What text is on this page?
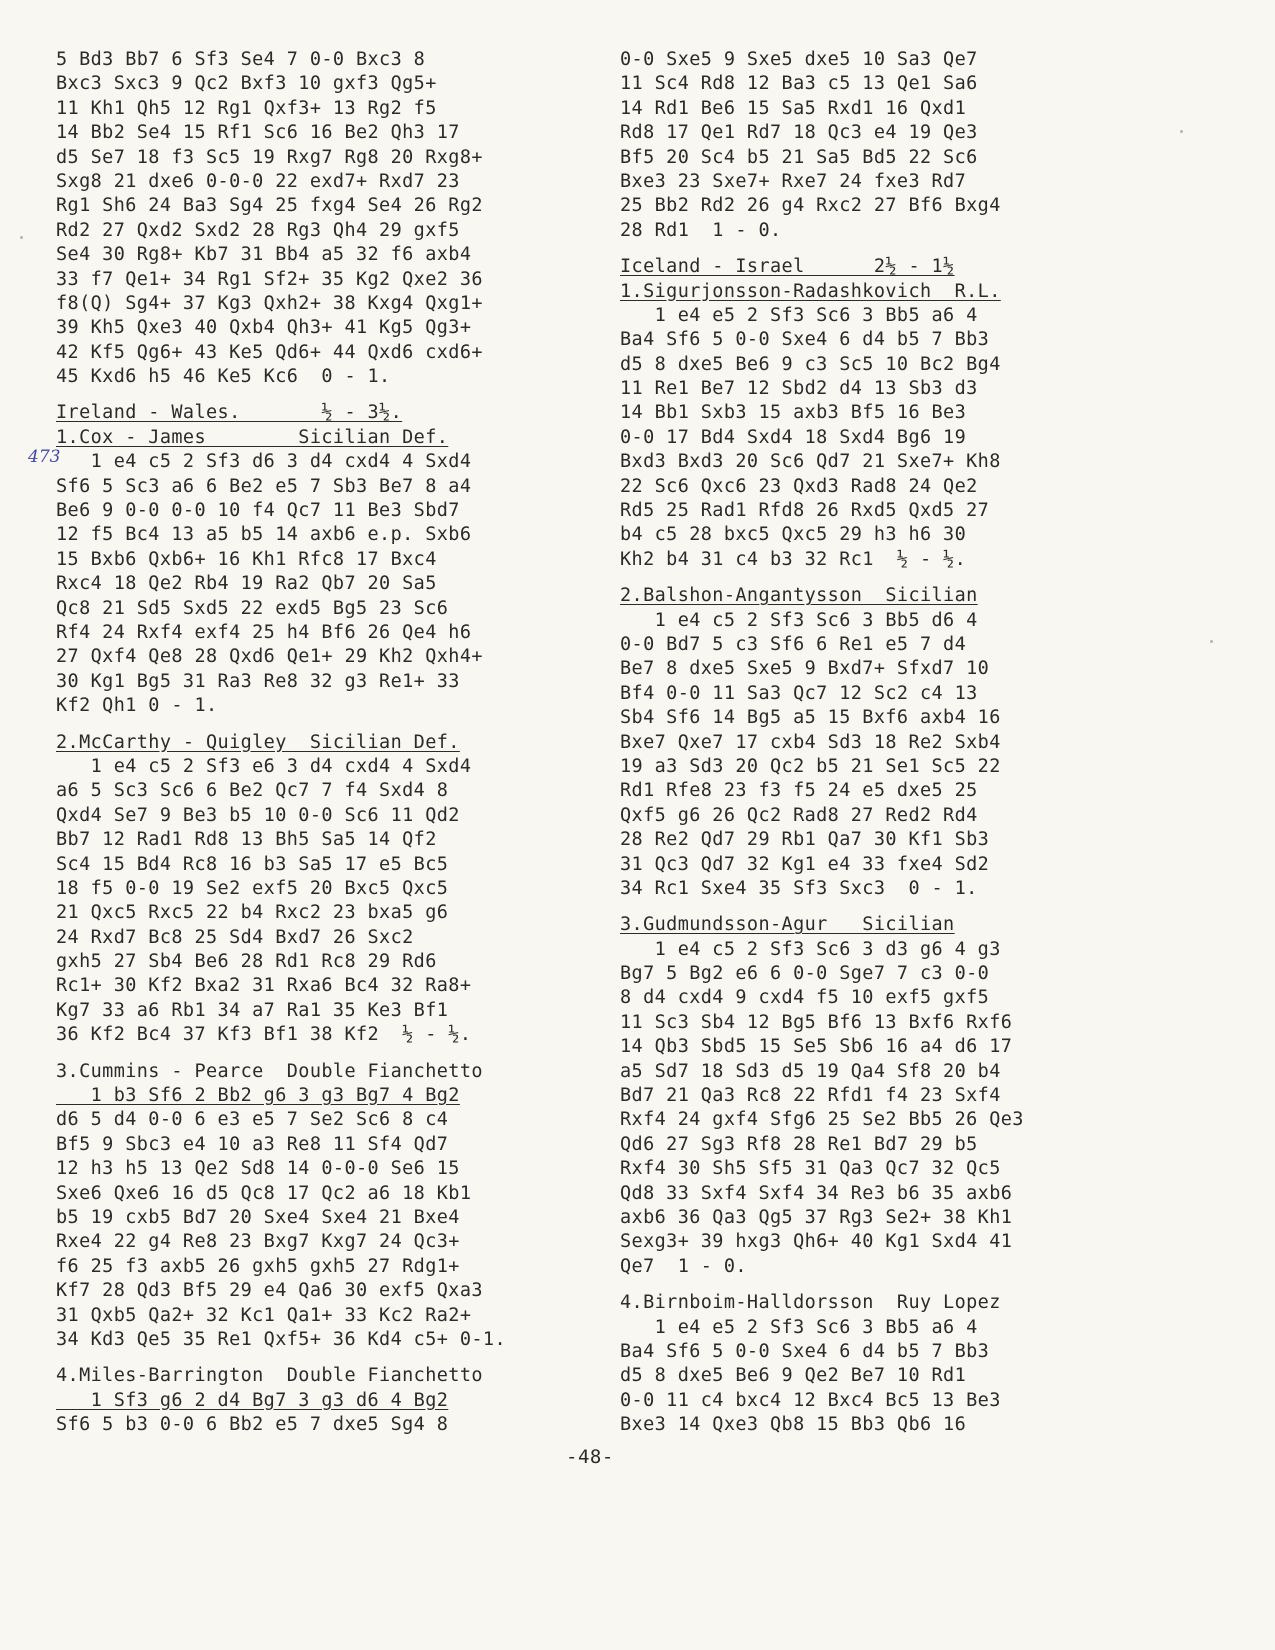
5 Bd3 Bb7 6 Sf3 Se4 7 0-0 Bxc3 8
Bxc3 Sxc3 9 Qc2 Bxf3 10 gxf3 Qg5+
11 Kh1 Qh5 12 Rg1 Qxf3+ 13 Rg2 f5
14 Bb2 Se4 15 Rf1 Sc6 16 Be2 Qh3 17
d5 Se7 18 f3 Sc5 19 Rxg7 Rg8 20 Rxg8+
Sxg8 21 dxe6 0-0-0 22 exd7+ Rxd7 23
Rg1 Sh6 24 Ba3 Sg4 25 fxg4 Se4 26 Rg2
Rd2 27 Qxd2 Sxd2 28 Rg3 Qh4 29 gxf5
Se4 30 Rg8+ Kb7 31 Bb4 a5 32 f6 axb4
33 f7 Qe1+ 34 Rg1 Sf2+ 35 Kg2 Qxe2 36
f8(Q) Sg4+ 37 Kg3 Qxh2+ 38 Kxg4 Qxg1+
39 Kh5 Qxe3 40 Qxb4 Qh3+ 41 Kg5 Qg3+
42 Kf5 Qg6+ 43 Ke5 Qd6+ 44 Qxd6 cxd6+
45 Kxd6 h5 46 Ke5 Kc6  0 - 1.
Ireland - Wales.       ½ - 3½.
1.Cox - James        Sicilian Def.
1 e4 c5 2 Sf3 d6 3 d4 cxd4 4 Sxd4
Sf6 5 Sc3 a6 6 Be2 e5 7 Sb3 Be7 8 a4
Be6 9 0-0 0-0 10 f4 Qc7 11 Be3 Sbd7
12 f5 Bc4 13 a5 b5 14 axb6 e.p. Sxb6
15 Bxb6 Qxb6+ 16 Kh1 Rfc8 17 Bxc4
Rxc4 18 Qe2 Rb4 19 Ra2 Qb7 20 Sa5
Qc8 21 Sd5 Sxd5 22 exd5 Bg5 23 Sc6
Rf4 24 Rxf4 exf4 25 h4 Bf6 26 Qe4 h6
27 Qxf4 Qe8 28 Qxd6 Qe1+ 29 Kh2 Qxh4+
30 Kg1 Bg5 31 Ra3 Re8 32 g3 Re1+ 33
Kf2 Qh1 0 - 1.
2.McCarthy - Quigley  Sicilian Def.
1 e4 c5 2 Sf3 e6 3 d4 cxd4 4 Sxd4
a6 5 Sc3 Sc6 6 Be2 Qc7 7 f4 Sxd4 8
Qxd4 Se7 9 Be3 b5 10 0-0 Sc6 11 Qd2
Bb7 12 Rad1 Rd8 13 Bh5 Sa5 14 Qf2
Sc4 15 Bd4 Rc8 16 b3 Sa5 17 e5 Bc5
18 f5 0-0 19 Se2 exf5 20 Bxc5 Qxc5
21 Qxc5 Rxc5 22 b4 Rxc2 23 bxa5 g6
24 Rxd7 Bc8 25 Sd4 Bxd7 26 Sxc2
gxh5 27 Sb4 Be6 28 Rd1 Rc8 29 Rd6
Rc1+ 30 Kf2 Bxa2 31 Rxa6 Bc4 32 Ra8+
Kg7 33 a6 Rb1 34 a7 Ra1 35 Ke3 Bf1
36 Kf2 Bc4 37 Kf3 Bf1 38 Kf2  ½ - ½.
3.Cummins - Pearce  Double Fianchetto
1 b3 Sf6 2 Bb2 g6 3 g3 Bg7 4 Bg2
d6 5 d4 0-0 6 e3 e5 7 Se2 Sc6 8 c4
Bf5 9 Sbc3 e4 10 a3 Re8 11 Sf4 Qd7
12 h3 h5 13 Qe2 Sd8 14 0-0-0 Se6 15
Sxe6 Qxe6 16 d5 Qc8 17 Qc2 a6 18 Kb1
b5 19 cxb5 Bd7 20 Sxe4 Sxe4 21 Bxe4
Rxe4 22 g4 Re8 23 Bxg7 Kxg7 24 Qc3+
f6 25 f3 axb5 26 gxh5 gxh5 27 Rdg1+
Kf7 28 Qd3 Bf5 29 e4 Qa6 30 exf5 Qxa3
31 Qxb5 Qa2+ 32 Kc1 Qa1+ 33 Kc2 Ra2+
34 Kd3 Qe5 35 Re1 Qxf5+ 36 Kd4 c5+ 0-1.
4.Miles-Barrington  Double Fianchetto
1 Sf3 g6 2 d4 Bg7 3 g3 d6 4 Bg2
Sf6 5 b3 0-0 6 Bb2 e5 7 dxe5 Sg4 8
0-0 Sxe5 9 Sxe5 dxe5 10 Sa3 Qe7
11 Sc4 Rd8 12 Ba3 c5 13 Qe1 Sa6
14 Rd1 Be6 15 Sa5 Rxd1 16 Qxd1
Rd8 17 Qe1 Rd7 18 Qc3 e4 19 Qe3
Bf5 20 Sc4 b5 21 Sa5 Bd5 22 Sc6
Bxe3 23 Sxe7+ Rxe7 24 fxe3 Rd7
25 Bb2 Rd2 26 g4 Rxc2 27 Bf6 Bxg4
28 Rd1  1 - 0.
Iceland - Israel      2½ - 1½
1.Sigurjonsson-Radashkovich  R.L.
1 e4 e5 2 Sf3 Sc6 3 Bb5 a6 4
Ba4 Sf6 5 0-0 Sxe4 6 d4 b5 7 Bb3
d5 8 dxe5 Be6 9 c3 Sc5 10 Bc2 Bg4
11 Re1 Be7 12 Sbd2 d4 13 Sb3 d3
14 Bb1 Sxb3 15 axb3 Bf5 16 Be3
0-0 17 Bd4 Sxd4 18 Sxd4 Bg6 19
Bxd3 Bxd3 20 Sc6 Qd7 21 Sxe7+ Kh8
22 Sc6 Qxc6 23 Qxd3 Rad8 24 Qe2
Rd5 25 Rad1 Rfd8 26 Rxd5 Qxd5 27
b4 c5 28 bxc5 Qxc5 29 h3 h6 30
Kh2 b4 31 c4 b3 32 Rc1  ½ - ½.
2.Balshon-Angantysson  Sicilian
1 e4 c5 2 Sf3 Sc6 3 Bb5 d6 4
0-0 Bd7 5 c3 Sf6 6 Re1 e5 7 d4
Be7 8 dxe5 Sxe5 9 Bxd7+ Sfxd7 10
Bf4 0-0 11 Sa3 Qc7 12 Sc2 c4 13
Sb4 Sf6 14 Bg5 a5 15 Bxf6 axb4 16
Bxe7 Qxe7 17 cxb4 Sd3 18 Re2 Sxb4
19 a3 Sd3 20 Qc2 b5 21 Se1 Sc5 22
Rd1 Rfe8 23 f3 f5 24 e5 dxe5 25
Qxf5 g6 26 Qc2 Rad8 27 Red2 Rd4
28 Re2 Qd7 29 Rb1 Qa7 30 Kf1 Sb3
31 Qc3 Qd7 32 Kg1 e4 33 fxe4 Sd2
34 Rc1 Sxe4 35 Sf3 Sxc3  0 - 1.
3.Gudmundsson-Agur   Sicilian
1 e4 c5 2 Sf3 Sc6 3 d3 g6 4 g3
Bg7 5 Bg2 e6 6 0-0 Sge7 7 c3 0-0
8 d4 cxd4 9 cxd4 f5 10 exf5 gxf5
11 Sc3 Sb4 12 Bg5 Bf6 13 Bxf6 Rxf6
14 Qb3 Sbd5 15 Se5 Sb6 16 a4 d6 17
a5 Sd7 18 Sd3 d5 19 Qa4 Sf8 20 b4
Bd7 21 Qa3 Rc8 22 Rfd1 f4 23 Sxf4
Rxf4 24 gxf4 Sfg6 25 Se2 Bb5 26 Qe3
Qd6 27 Sg3 Rf8 28 Re1 Bd7 29 b5
Rxf4 30 Sh5 Sf5 31 Qa3 Qc7 32 Qc5
Qd8 33 Sxf4 Sxf4 34 Re3 b6 35 axb6
axb6 36 Qa3 Qg5 37 Rg3 Se2+ 38 Kh1
Sexg3+ 39 hxg3 Qh6+ 40 Kg1 Sxd4 41
Qe7  1 - 0.
4.Birnboim-Halldorsson  Ruy Lopez
1 e4 e5 2 Sf3 Sc6 3 Bb5 a6 4
Ba4 Sf6 5 0-0 Sxe4 6 d4 b5 7 Bb3
d5 8 dxe5 Be6 9 Qe2 Be7 10 Rd1
0-0 11 c4 bxc4 12 Bxc4 Bc5 13 Be3
Bxe3 14 Qxe3 Qb8 15 Bb3 Qb6 16
473
-48-
